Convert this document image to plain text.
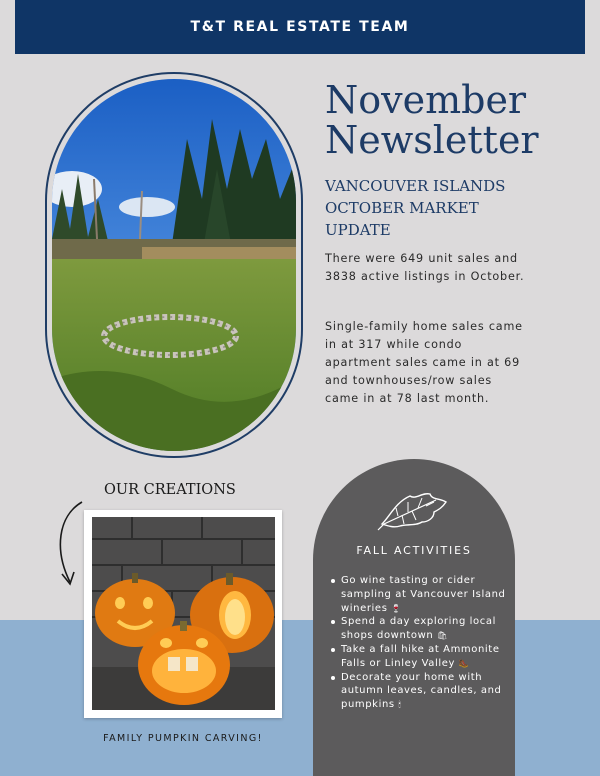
T&T REAL ESTATE TEAM
November
Newsletter
VANCOUVER ISLANDS OCTOBER MARKET UPDATE

There were 649 unit sales and 3838 active listings in October.

Single-family home sales came in at 317 while condo apartment sales came in at 69 and townhouses/row sales came in at 78 last month.

OUR CREATIONS
FAMILY PUMPKIN CARVING!
FALL ACTIVITIES
Go wine tasting or cider sampling at Vancouver Island wineries 🍷
Spend a day exploring local shops downtown 🛍
Take a fall hike at Ammonite Falls or Linley Valley 🥾
Decorate your home with autumn leaves, candles, and pumpkins 🕯
